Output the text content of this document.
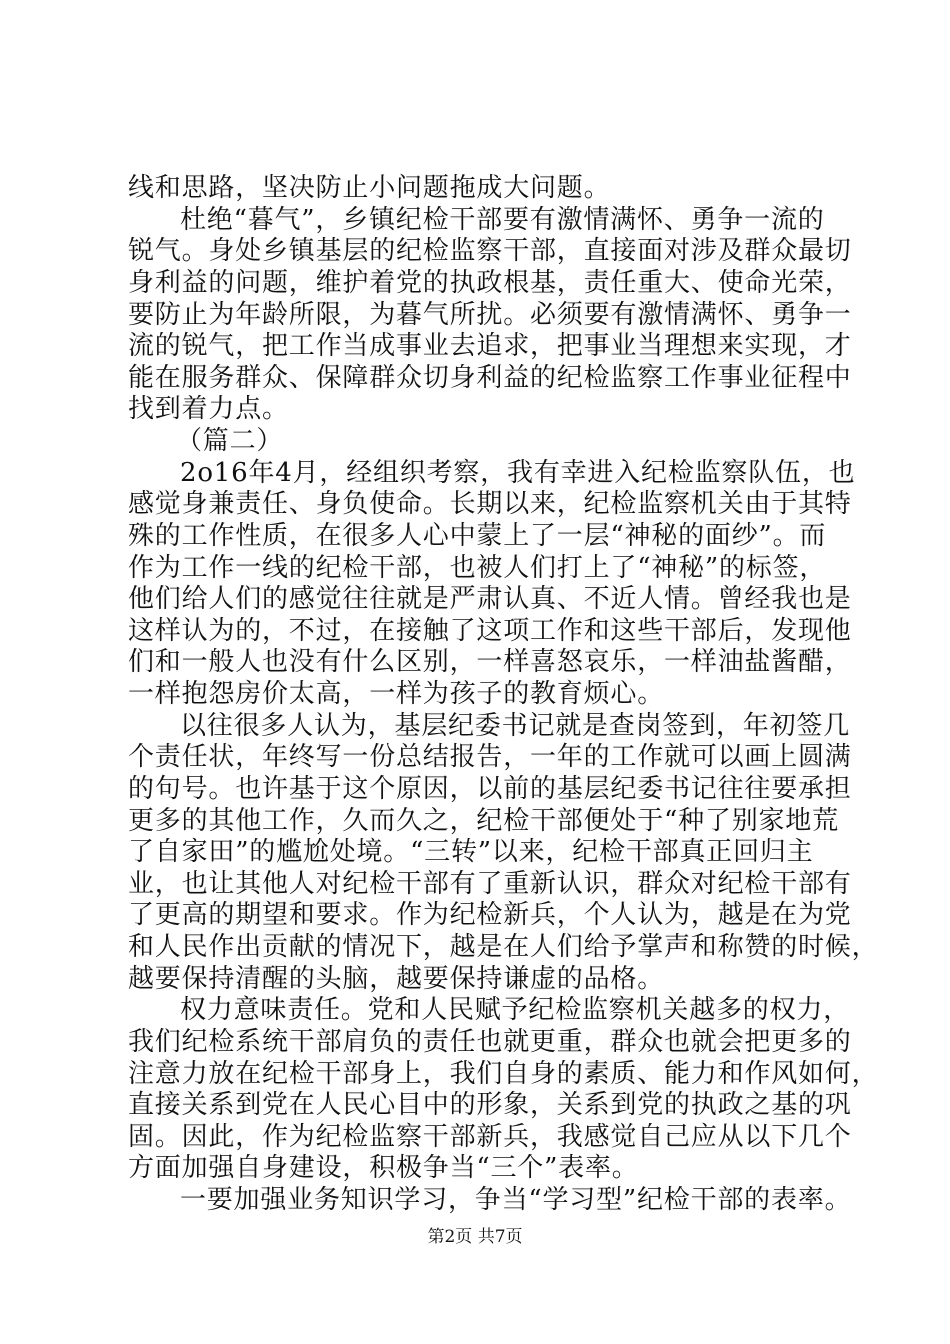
线和思路，坚决防止小问题拖成大问题。
杜绝“暮气”，乡镇纪检干部要有激情满怀、勇争一流的
锐气。身处乡镇基层的纪检监察干部，直接面对涉及群众最切
身利益的问题，维护着党的执政根基，责任重大、使命光荣，
要防止为年龄所限，为暮气所扰。必须要有激情满怀、勇争一
流的锐气，把工作当成事业去追求，把事业当理想来实现，才
能在服务群众、保障群众切身利益的纪检监察工作事业征程中
找到着力点。
（篇二）
2o16年4月，经组织考察，我有幸进入纪检监察队伍，也
感觉身兼责任、身负使命。长期以来，纪检监察机关由于其特
殊的工作性质，在很多人心中蒙上了一层“神秘的面纱”。而
作为工作一线的纪检干部，也被人们打上了“神秘”的标签，
他们给人们的感觉往往就是严肃认真、不近人情。曾经我也是
这样认为的，不过，在接触了这项工作和这些干部后，发现他
们和一般人也没有什么区别，一样喜怒哀乐，一样油盐酱醋，
一样抱怨房价太高，一样为孩子的教育烦心。
以往很多人认为，基层纪委书记就是查岗签到，年初签几
个责任状，年终写一份总结报告，一年的工作就可以画上圆满
的句号。也许基于这个原因，以前的基层纪委书记往往要承担
更多的其他工作，久而久之，纪检干部便处于“种了别家地荒
了自家田”的尴尬处境。“三转”以来，纪检干部真正回归主
业，也让其他人对纪检干部有了重新认识，群众对纪检干部有
了更高的期望和要求。作为纪检新兵，个人认为，越是在为党
和人民作出贡献的情况下，越是在人们给予掌声和称赞的时候，
越要保持清醒的头脑，越要保持谦虚的品格。
权力意味责任。党和人民赋予纪检监察机关越多的权力，
我们纪检系统干部肩负的责任也就更重，群众也就会把更多的
注意力放在纪检干部身上，我们自身的素质、能力和作风如何，
直接关系到党在人民心目中的形象，关系到党的执政之基的巩
固。因此，作为纪检监察干部新兵，我感觉自己应从以下几个
方面加强自身建设，积极争当“三个”表率。
一要加强业务知识学习，争当“学习型”纪检干部的表率。
第2页 共7页
